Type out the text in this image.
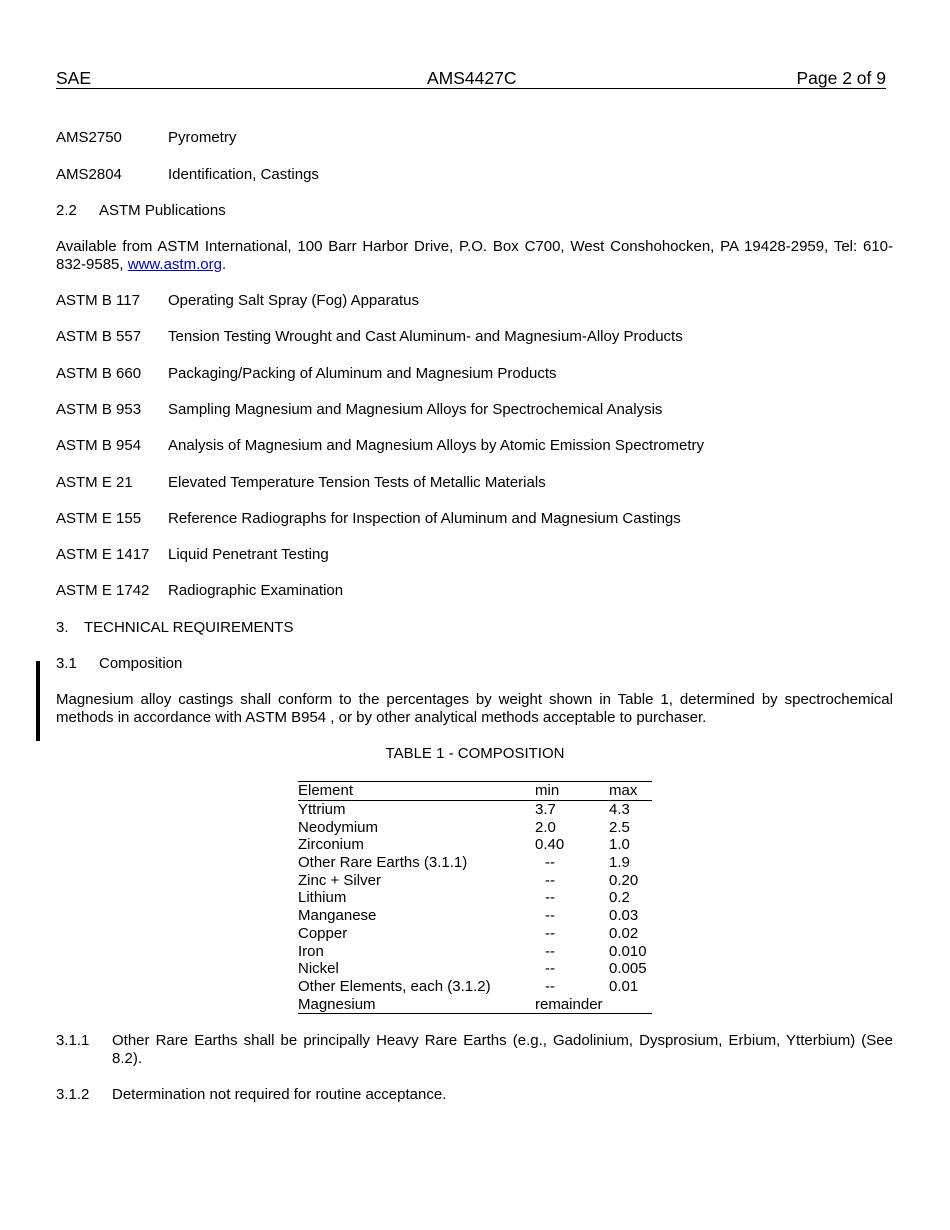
SAE	AMS4427C	Page 2 of 9
AMS2750	Pyrometry
AMS2804	Identification, Castings
2.2 ASTM Publications
Available from ASTM International, 100 Barr Harbor Drive, P.O. Box C700, West Conshohocken, PA 19428-2959, Tel: 610-832-9585, www.astm.org.
ASTM B 117 Operating Salt Spray (Fog) Apparatus
ASTM B 557 Tension Testing Wrought and Cast Aluminum- and Magnesium-Alloy Products
ASTM B 660 Packaging/Packing of Aluminum and Magnesium Products
ASTM B 953 Sampling Magnesium and Magnesium Alloys for Spectrochemical Analysis
ASTM B 954 Analysis of Magnesium and Magnesium Alloys by Atomic Emission Spectrometry
ASTM E 21 Elevated Temperature Tension Tests of Metallic Materials
ASTM E 155 Reference Radiographs for Inspection of Aluminum and Magnesium Castings
ASTM E 1417 Liquid Penetrant Testing
ASTM E 1742 Radiographic Examination
3. TECHNICAL REQUIREMENTS
3.1 Composition
Magnesium alloy castings shall conform to the percentages by weight shown in Table 1, determined by spectrochemical methods in accordance with ASTM B954 , or by other analytical methods acceptable to purchaser.
TABLE 1 - COMPOSITION
Element	min	max
Yttrium	3.7	4.3
Neodymium	2.0	2.5
Zirconium	0.40	1.0
Other Rare Earths (3.1.1)	--	1.9
Zinc + Silver	--	0.20
Lithium	--	0.2
Manganese	--	0.03
Copper	--	0.02
Iron	--	0.010
Nickel	--	0.005
Other Elements, each (3.1.2)	--	0.01
Magnesium	remainder
3.1.1 Other Rare Earths shall be principally Heavy Rare Earths (e.g., Gadolinium, Dysprosium, Erbium, Ytterbium) (See 8.2).
3.1.2 Determination not required for routine acceptance.
